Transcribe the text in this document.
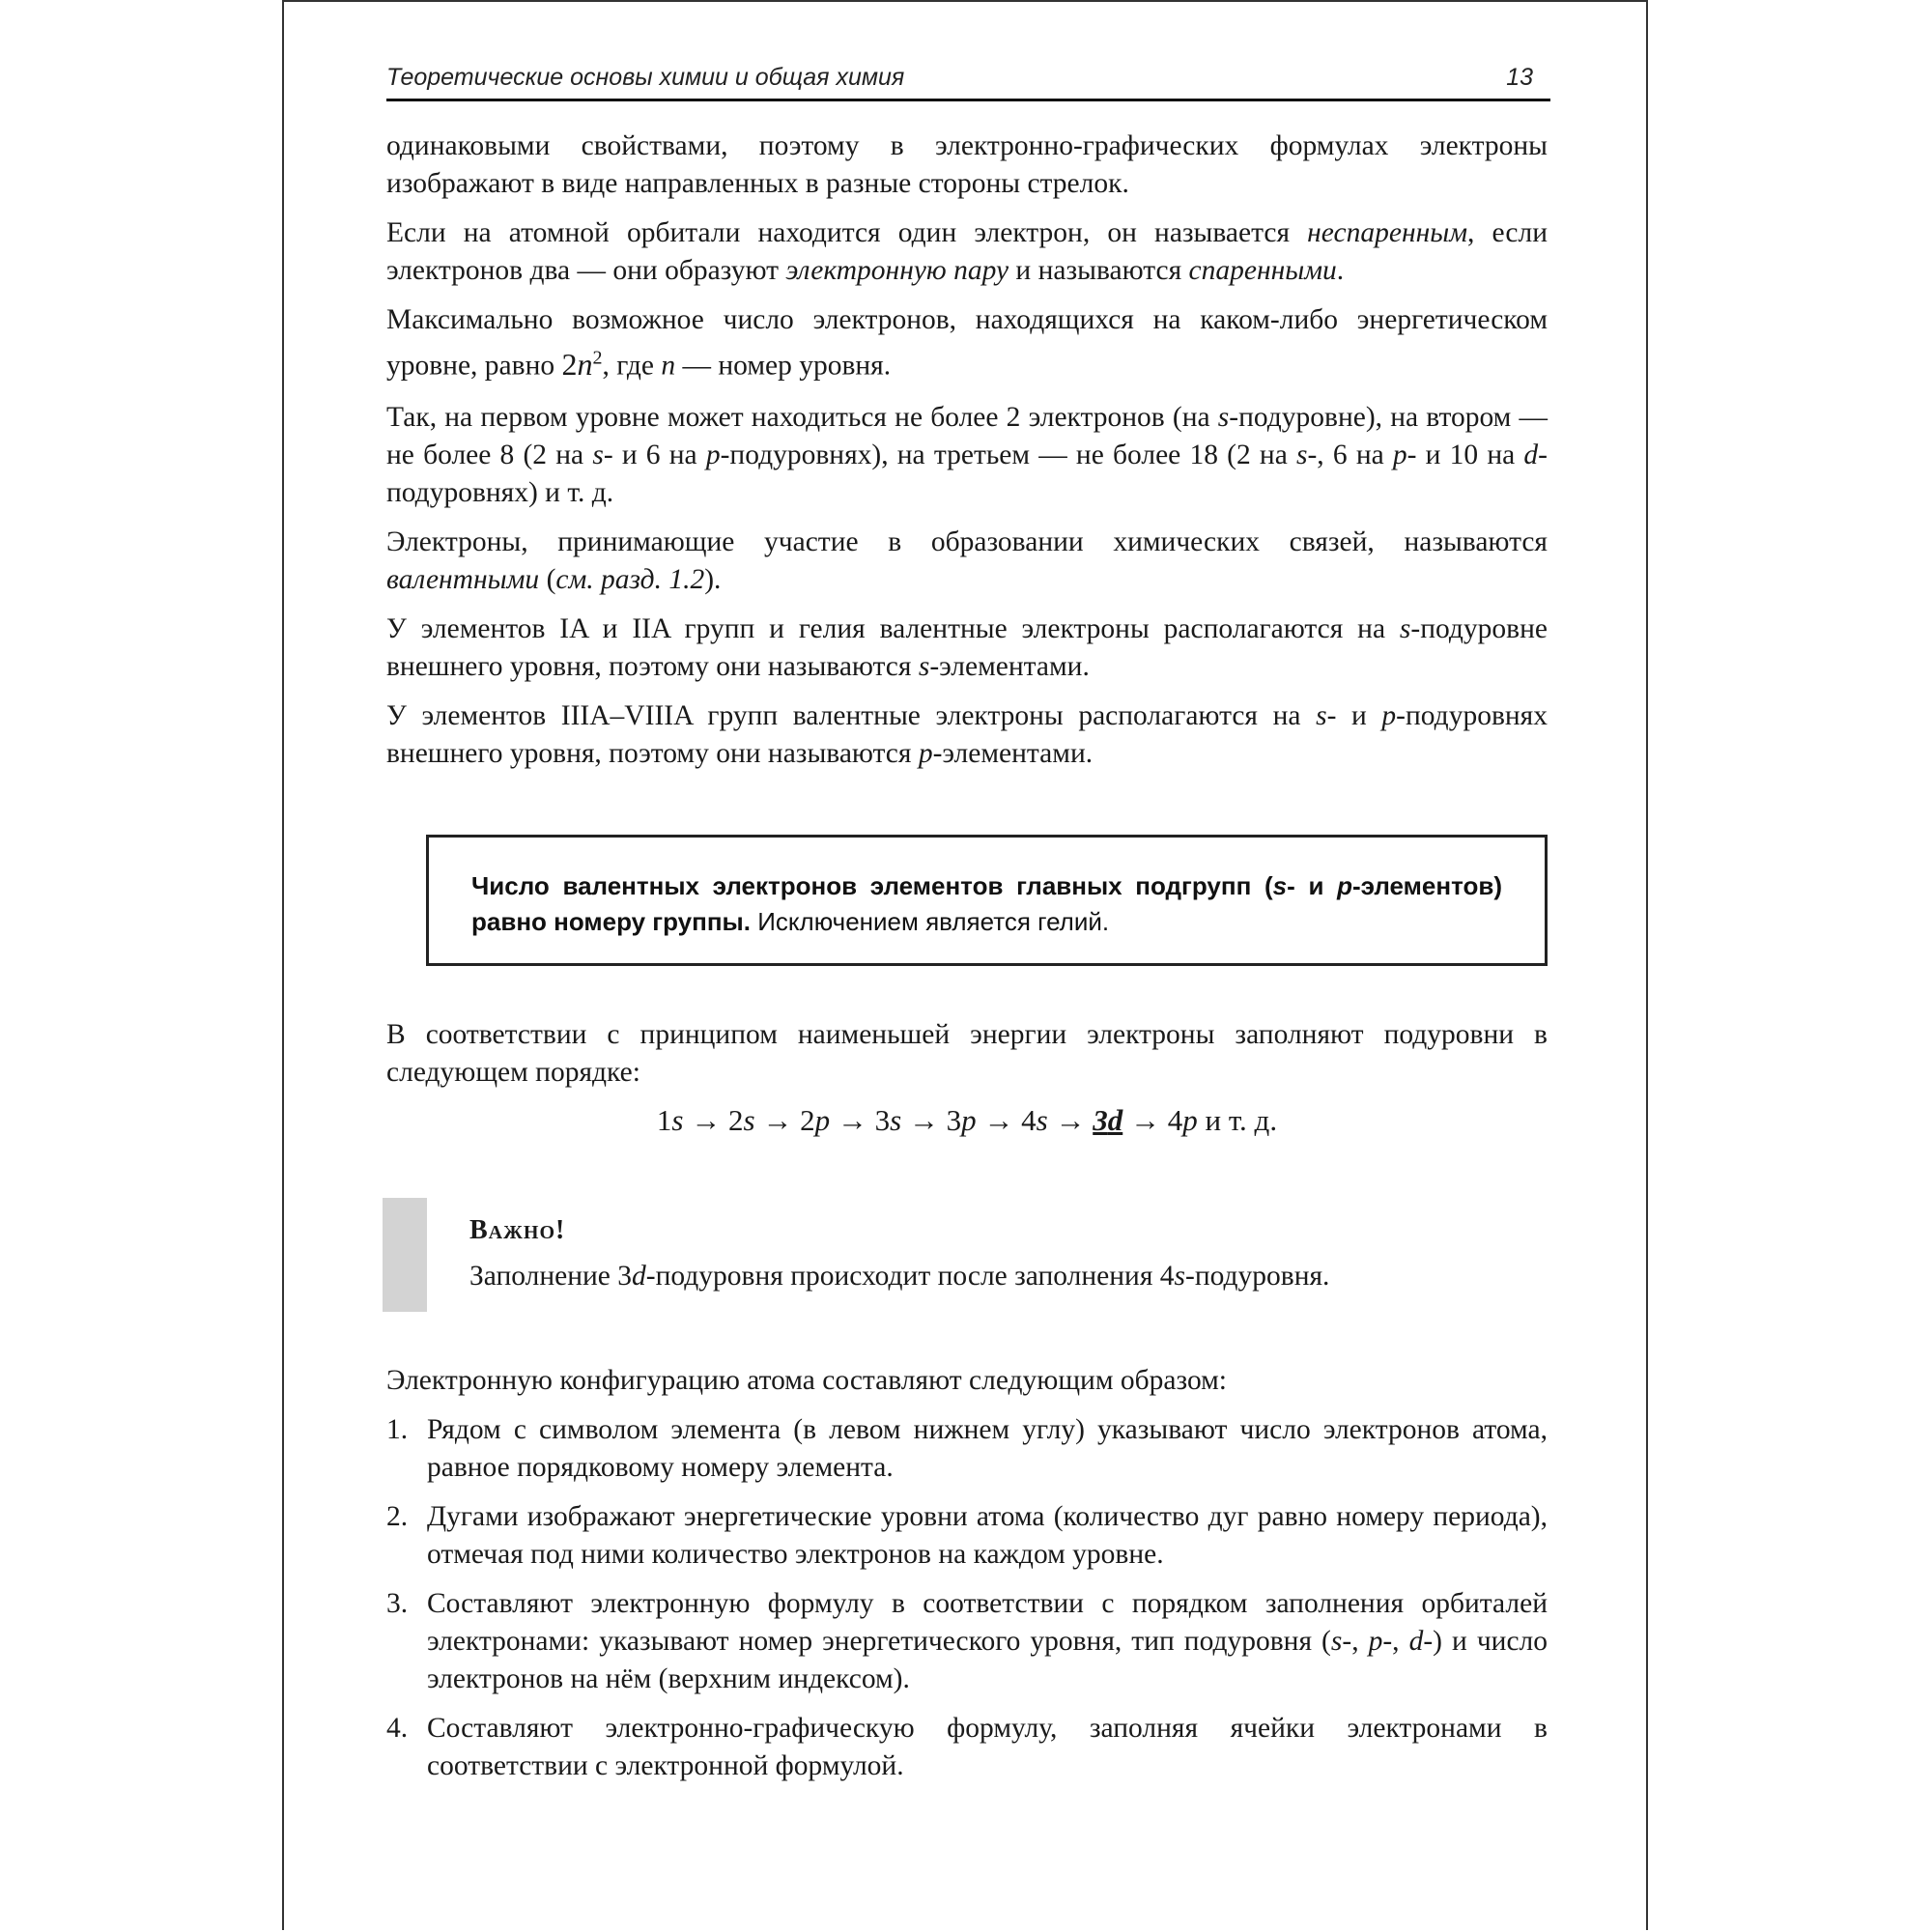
Теоретические основы химии и общая химия	13

одинаковыми свойствами, поэтому в электронно-графических формулах электроны изображают в виде направленных в разные стороны стрелок.

Если на атомной орбитали находится один электрон, он называется неспаренным, если электронов два — они образуют электронную пару и называются спаренными.

Максимально возможное число электронов, находящихся на каком-либо энергетическом уровне, равно $2n^2$, где n — номер уровня.

Так, на первом уровне может находиться не более 2 электронов (на s-подуровне), на втором — не более 8 (2 на s- и 6 на p-подуровнях), на третьем — не более 18 (2 на s-, 6 на p- и 10 на d-подуровнях) и т. д.

Электроны, принимающие участие в образовании химических связей, называются валентными (см. разд. 1.2).

У элементов IA и IIA групп и гелия валентные электроны располагаются на s-подуровне внешнего уровня, поэтому они называются s-элементами.

У элементов IIIA–VIIIA групп валентные электроны располагаются на s- и p-подуровнях внешнего уровня, поэтому они называются p-элементами.

Число валентных электронов элементов главных подгрупп (s- и p-элементов) равно номеру группы. Исключением является гелий.

В соответствии с принципом наименьшей энергии электроны заполняют подуровни в следующем порядке:

1s → 2s → 2p → 3s → 3p → 4s → 3d → 4p и т. д.
Важно!
Заполнение 3d-подуровня происходит после заполнения 4s-подуровня.

Электронную конфигурацию атома составляют следующим образом:

1. Рядом с символом элемента (в левом нижнем углу) указывают число электронов атома, равное порядковому номеру элемента.
2. Дугами изображают энергетические уровни атома (количество дуг равно номеру периода), отмечая под ними количество электронов на каждом уровне.
3. Составляют электронную формулу в соответствии с порядком заполнения орбиталей электронами: указывают номер энергетического уровня, тип подуровня (s-, p-, d-) и число электронов на нём (верхним индексом).
4. Составляют электронно-графическую формулу, заполняя ячейки электронами в соответствии с электронной формулой.
